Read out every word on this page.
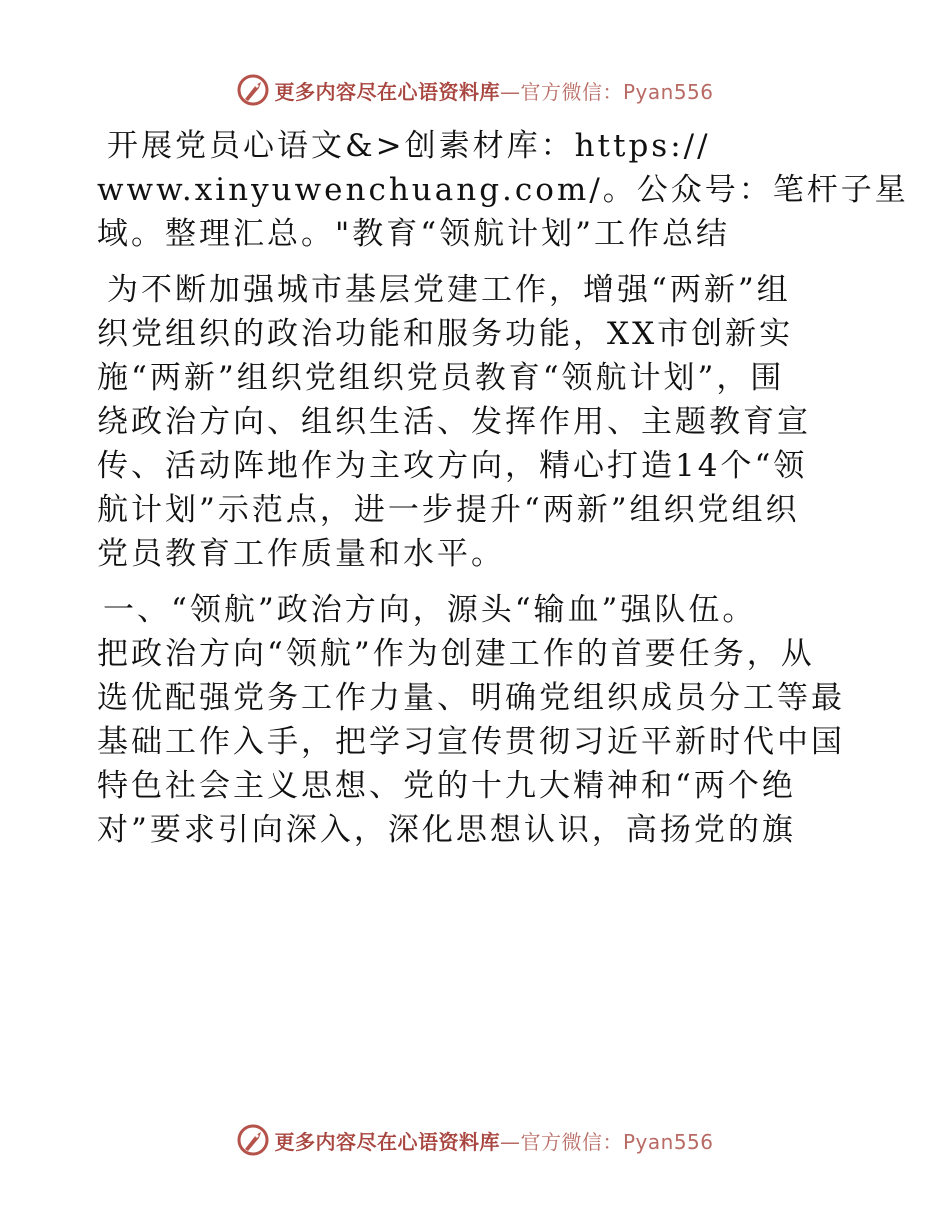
更多内容尽在心语资料库—官方微信：Pyan556

开展党员心语文&>创素材库：https://
www.xinyuwenchuang.com/。公众号：笔杆子星
域。整理汇总。"教育“领航计划”工作总结

为不断加强城市基层党建工作，增强“两新”组
织党组织的政治功能和服务功能，XX市创新实
施“两新”组织党组织党员教育“领航计划”，围
绕政治方向、组织生活、发挥作用、主题教育宣
传、活动阵地作为主攻方向，精心打造14个“领
航计划”示范点，进一步提升“两新”组织党组织
党员教育工作质量和水平。

一、“领航”政治方向，源头“输血”强队伍。
把政治方向“领航”作为创建工作的首要任务，从
选优配强党务工作力量、明确党组织成员分工等最
基础工作入手，把学习宣传贯彻习近平新时代中国
特色社会主义思想、党的十九大精神和“两个绝
对”要求引向深入，深化思想认识，高扬党的旗

更多内容尽在心语资料库—官方微信：Pyan556
